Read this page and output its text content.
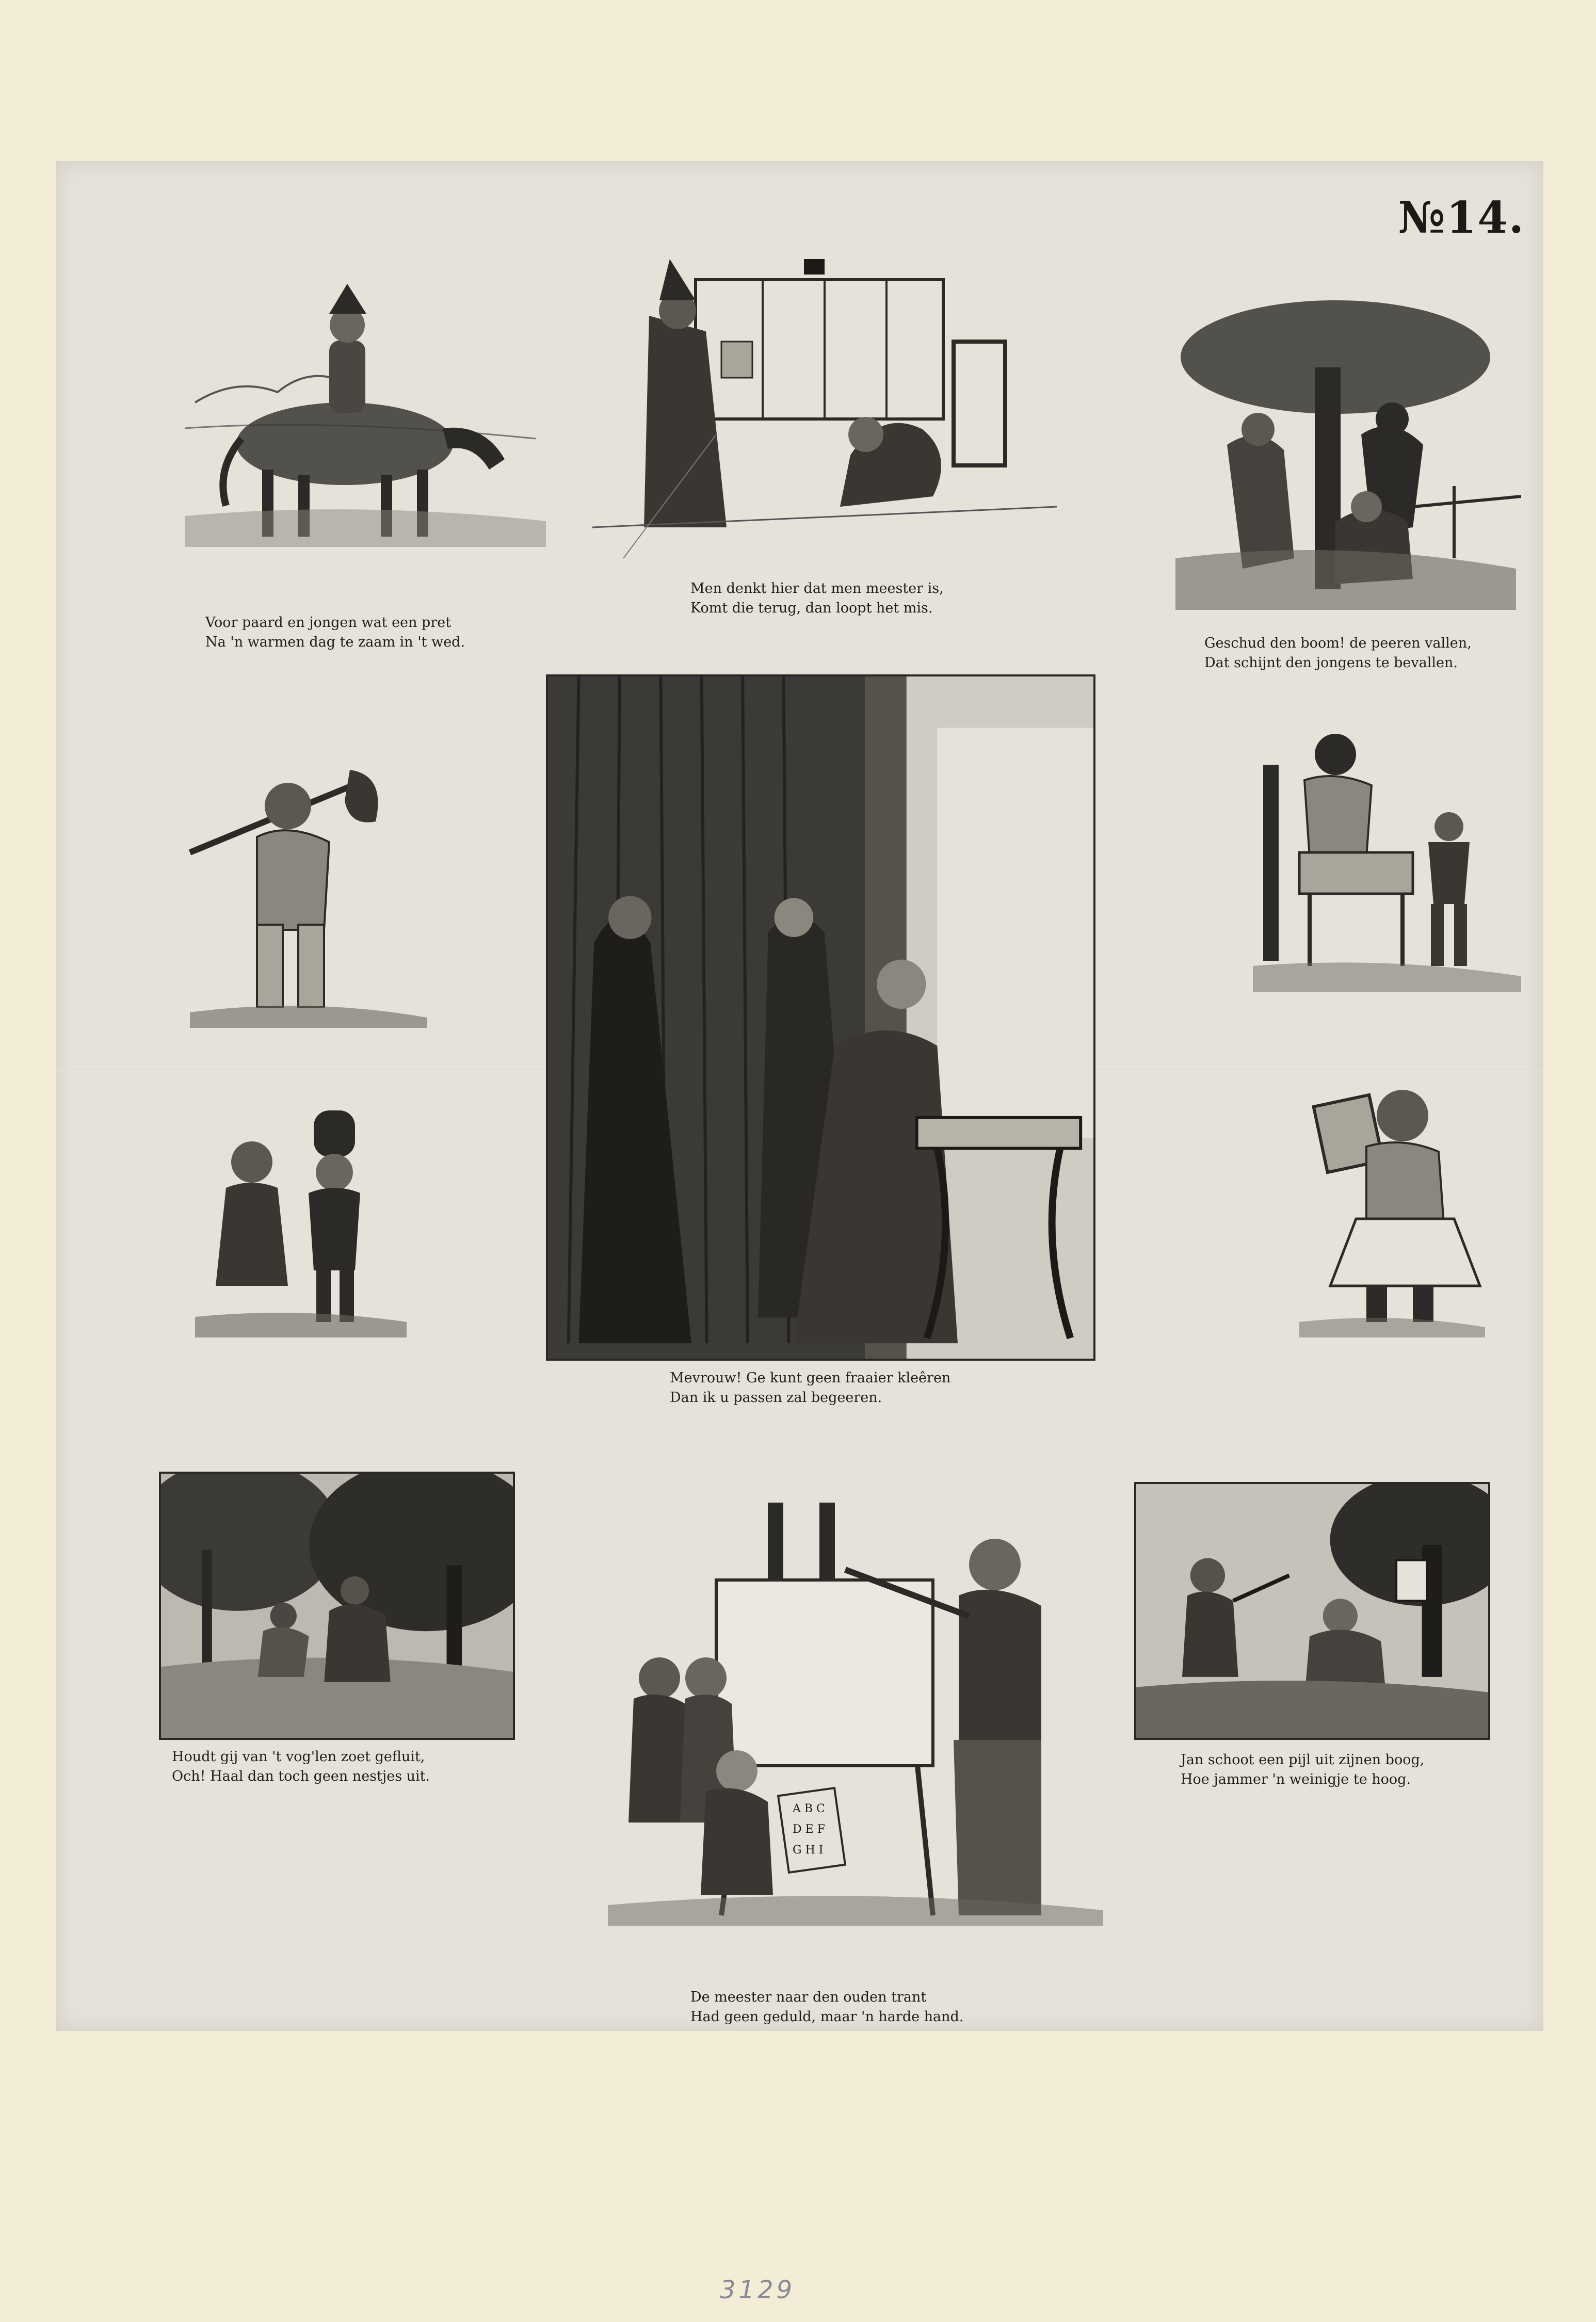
№14.
Voor paard en jongen wat een pret
Na 'n warmen dag te zaam in 't wed.
Men denkt hier dat men meester is,
Komt die terug, dan loopt het mis.
Geschud den boom! de peeren vallen,
Dat schijnt den jongens te bevallen.
Mevrouw! Ge kunt geen fraaier kleêren
Dan ik u passen zal begeeren.
Houdt gij van 't vog'len zoet gefluit,
Och! Haal dan toch geen nestjes uit.
A B C
D E F
G H I
De meester naar den ouden trant
Had geen geduld, maar 'n harde hand.
Jan schoot een pijl uit zijnen boog,
Hoe jammer 'n weinigje te hoog.
3129
